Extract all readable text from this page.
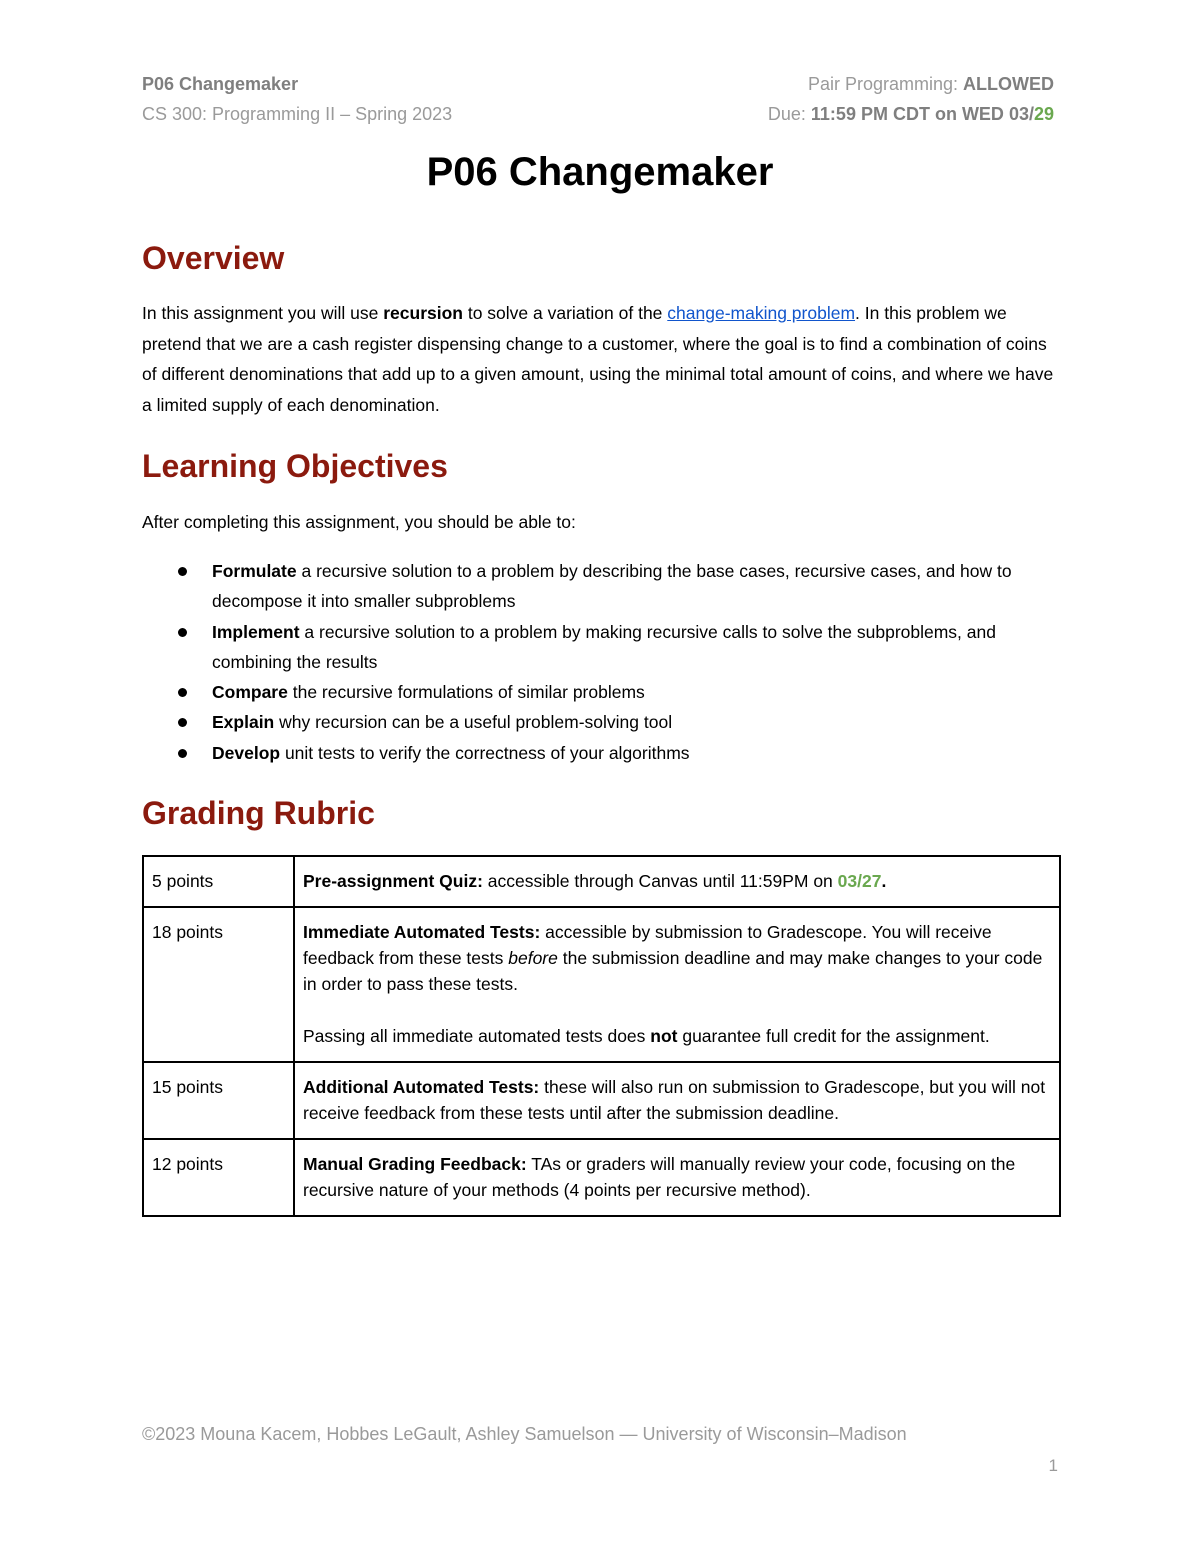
P06 Changemaker
CS 300: Programming II – Spring 2023
Pair Programming: ALLOWED
Due: 11:59 PM CDT on WED 03/29
P06 Changemaker
Overview
In this assignment you will use recursion to solve a variation of the change-making problem. In this problem we pretend that we are a cash register dispensing change to a customer, where the goal is to find a combination of coins of different denominations that add up to a given amount, using the minimal total amount of coins, and where we have a limited supply of each denomination.
Learning Objectives
After completing this assignment, you should be able to:
Formulate a recursive solution to a problem by describing the base cases, recursive cases, and how to decompose it into smaller subproblems
Implement a recursive solution to a problem by making recursive calls to solve the subproblems, and combining the results
Compare the recursive formulations of similar problems
Explain why recursion can be a useful problem-solving tool
Develop unit tests to verify the correctness of your algorithms
Grading Rubric
5 points	Pre-assignment Quiz: accessible through Canvas until 11:59PM on 03/27.
18 points	Immediate Automated Tests: accessible by submission to Gradescope. You will receive feedback from these tests before the submission deadline and may make changes to your code in order to pass these tests.

Passing all immediate automated tests does not guarantee full credit for the assignment.

15 points	Additional Automated Tests: these will also run on submission to Gradescope, but you will not receive feedback from these tests until after the submission deadline.
12 points	Manual Grading Feedback: TAs or graders will manually review your code, focusing on the recursive nature of your methods (4 points per recursive method).
©2023 Mouna Kacem, Hobbes LeGault, Ashley Samuelson — University of Wisconsin–Madison
1
